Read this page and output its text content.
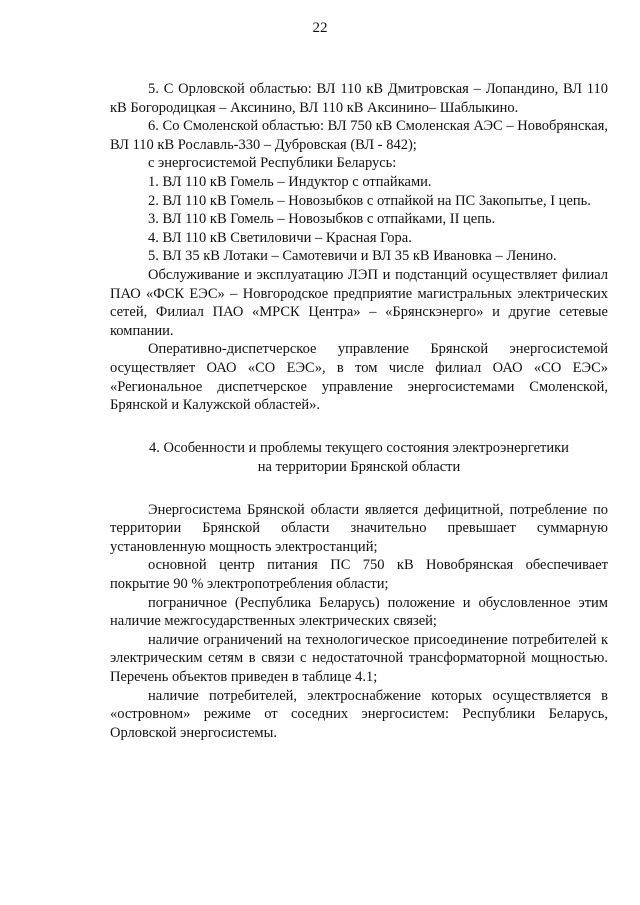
22

5. С Орловской областью: ВЛ 110 кВ Дмитровская – Лопандино, ВЛ 110 кВ Богородицкая – Аксинино, ВЛ 110 кВ Аксинино– Шаблыкино.

6. Со Смоленской областью: ВЛ 750 кВ Смоленская АЭС – Новобрянская, ВЛ 110 кВ Рославль-330 – Дубровская (ВЛ - 842);

с энергосистемой Республики Беларусь:

1. ВЛ 110 кВ Гомель – Индуктор с отпайками.

2. ВЛ 110 кВ Гомель – Новозыбков с отпайкой на ПС Закопытье, I цепь.

3. ВЛ 110 кВ Гомель – Новозыбков с отпайками, II цепь.

4. ВЛ 110 кВ Светиловичи – Красная Гора.

5. ВЛ 35 кВ Лотаки – Самотевичи и ВЛ 35 кВ Ивановка – Ленино.

Обслуживание и эксплуатацию ЛЭП и подстанций осуществляет филиал ПАО «ФСК ЕЭС» – Новгородское предприятие магистральных электрических сетей, Филиал ПАО «МРСК Центра» – «Брянскэнерго» и другие сетевые компании.

Оперативно-диспетчерское управление Брянской энергосистемой осуществляет ОАО «СО ЕЭС», в том числе филиал ОАО «СО ЕЭС» «Региональное диспетчерское управление энергосистемами Смоленской, Брянской и Калужской областей».

4. Особенности и проблемы текущего состояния электроэнергетики
на территории Брянской области

Энергосистема Брянской области является дефицитной, потребление по территории Брянской области значительно превышает суммарную установленную мощность электростанций;

основной центр питания ПС 750 кВ Новобрянская обеспечивает покрытие 90 % электропотребления области;

пограничное (Республика Беларусь) положение и обусловленное этим наличие межгосударственных электрических связей;

наличие ограничений на технологическое присоединение потребителей к электрическим сетям в связи с недостаточной трансформаторной мощностью. Перечень объектов приведен в таблице 4.1;

наличие потребителей, электроснабжение которых осуществляется в «островном» режиме от соседних энергосистем: Республики Беларусь, Орловской энергосистемы.
